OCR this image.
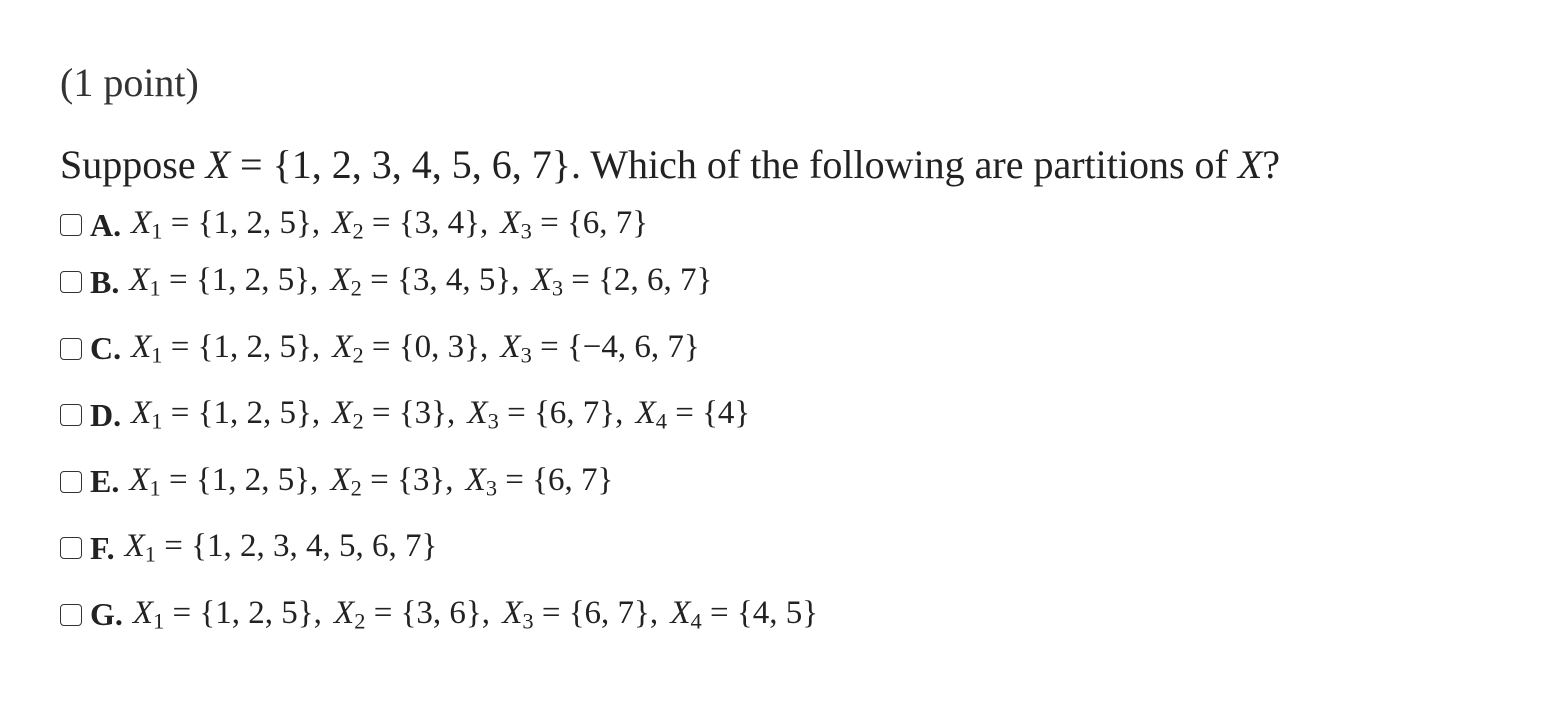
(1 point)
Suppose X = {1, 2, 3, 4, 5, 6, 7}. Which of the following are partitions of X?
A. $X_1 = \{1$, 2, 5} , $X_2 = \{3$, 4} , $X_3 = \{6$, 7}
B. $X_1 = \{1$, 2, 5} , $X_2 = \{3$, 4, 5} , $X_3 = \{2$, 6, 7}
C. $X_1 = \{1$, 2, 5} , $X_2 = \{0$, 3} , $X_3 = \{-4$, 6, 7}
D. $X_1 = \{1$, 2, 5} , $X_2 = \{3\}$ , $X_3 = \{6$, 7} , $X_4 = \{4\}$
E. $X_1 = \{1$, 2, 5} , $X_2 = \{3\}$ , $X_3 = \{6$, 7}
F. $X_1 = \{1$, 2, 3, 4, 5, 6, 7}
G. $X_1 = \{1$, 2, 5} , $X_2 = \{3$, 6} , $X_3 = \{6$, 7} , $X_4 = \{4$, 5}
